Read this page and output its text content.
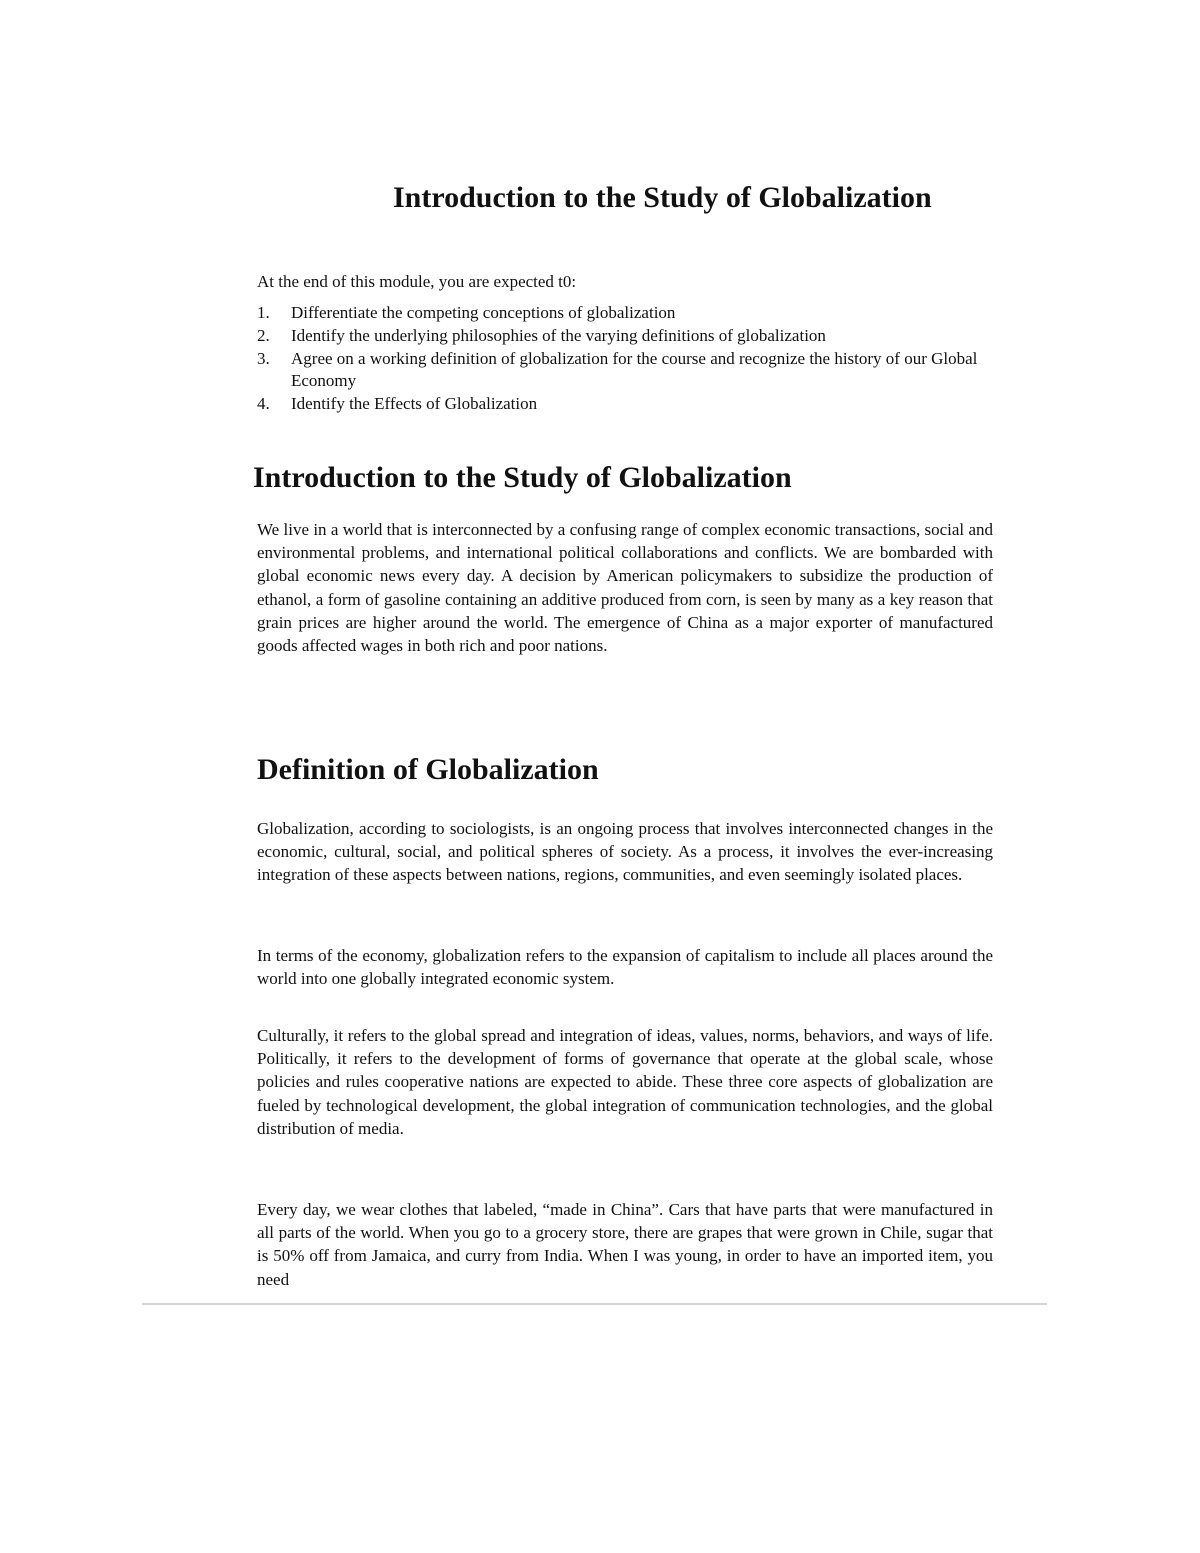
Introduction to the Study of Globalization

At the end of this module, you are expected t0:

1. Differentiate the competing conceptions of globalization
2. Identify the underlying philosophies of the varying definitions of globalization
3. Agree on a working definition of globalization for the course and recognize the history of our Global Economy
4. Identify the Effects of Globalization
Introduction to the Study of Globalization

We live in a world that is interconnected by a confusing range of complex economic transactions, social and environmental problems, and international political collaborations and conflicts. We are bombarded with global economic news every day. A decision by American policymakers to subsidize the production of ethanol, a form of gasoline containing an additive produced from corn, is seen by many as a key reason that grain prices are higher around the world. The emergence of China as a major exporter of manufactured goods affected wages in both rich and poor nations.

Definition of Globalization

Globalization, according to sociologists, is an ongoing process that involves interconnected changes in the economic, cultural, social, and political spheres of society. As a process, it involves the ever-increasing integration of these aspects between nations, regions, communities, and even seemingly isolated places.

In terms of the economy, globalization refers to the expansion of capitalism to include all places around the world into one globally integrated economic system.

Culturally, it refers to the global spread and integration of ideas, values, norms, behaviors, and ways of life. Politically, it refers to the development of forms of governance that operate at the global scale, whose policies and rules cooperative nations are expected to abide. These three core aspects of globalization are fueled by technological development, the global integration of communication technologies, and the global distribution of media.

Every day, we wear clothes that labeled, “made in China”. Cars that have parts that were manufactured in all parts of the world. When you go to a grocery store, there are grapes that were grown in Chile, sugar that is 50% off from Jamaica, and curry from India. When I was young, in order to have an imported item, you need
